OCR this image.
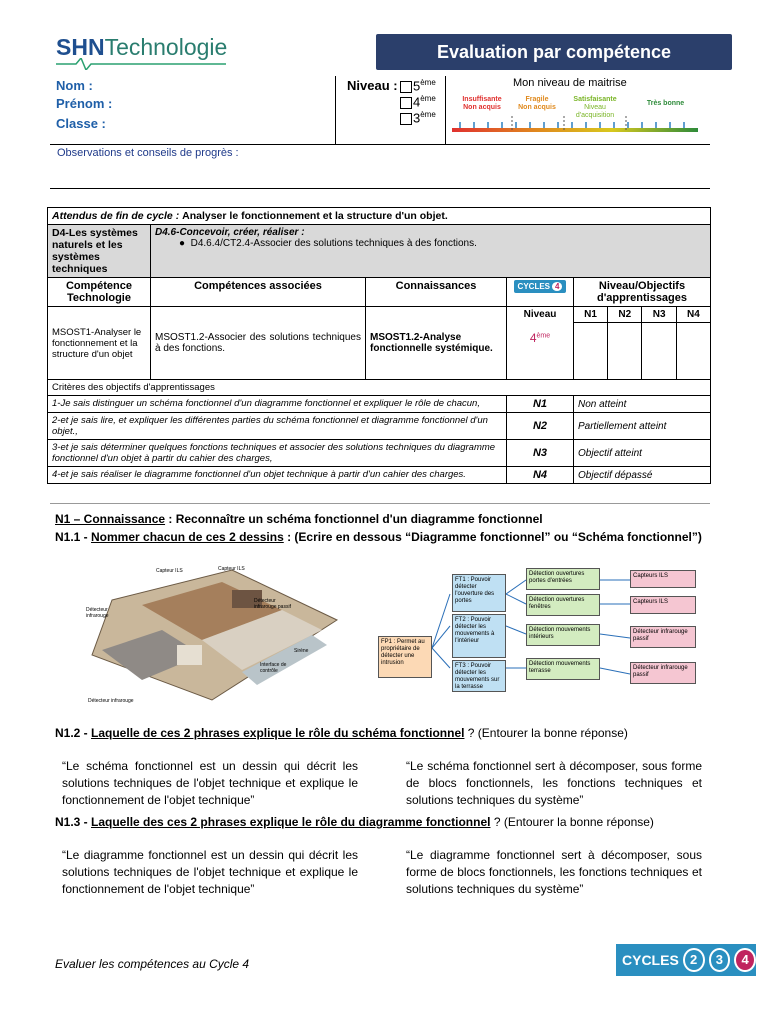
SHNTechnologie	Evaluation par compétence
Nom :
Prénom :
Classe :
Niveau :	5ème
4ème
3ème
Mon niveau de maitrise
Insuffisante
Non acquis
Fragile
Non acquis
Satisfaisante
Niveau d'acquisition
Très bonne
Observations et conseils de progrès :
Attendus de fin de cycle : Analyser le fonctionnement et la structure d'un objet.
D4-Les systèmes naturels et les systèmes techniques	D4.6-Concevoir, créer, réaliser :
●  D4.6.4/CT2.4-Associer des solutions techniques à des fonctions.
Compétence Technologie	Compétences associées	Connaissances	CYCLES 4	Niveau/Objectifs d'apprentissages
MSOST1-Analyser le fonctionnement et la structure d'un objet	MSOST1.2-Associer des solutions techniques à des fonctions.	MSOST1.2-Analyse fonctionnelle systémique.	Niveau

4ème	
N1	N2	N3	N4

Critères des objectifs d'apprentissages
1-Je sais distinguer un schéma fonctionnel d'un diagramme fonctionnel et expliquer le rôle de chacun,	N1	Non atteint
2-et je sais lire, et expliquer les différentes parties du schéma fonctionnel et diagramme fonctionnel d'un objet.,	N2	Partiellement atteint
3-et je sais déterminer quelques fonctions techniques et associer des solutions techniques du diagramme fonctionnel d'un objet à partir du cahier des charges,	N3	Objectif atteint
4-et je sais réaliser le diagramme fonctionnel d'un objet technique à partir d'un cahier des charges.	N4	Objectif dépassé
N1 – Connaissance : Reconnaître un schéma fonctionnel d'un diagramme fonctionnel
N1.1 - Nommer chacun de ces 2 dessins : (Ecrire en dessous “Diagramme fonctionnel” ou “Schéma fonctionnel”)
Capteur ILS	Capteur ILS
Détecteur infrarouge
Détecteur infrarouge passif
Interface de contrôle
Détecteur infrarouge
Sirène
FP1 : Permet au propriétaire de détecter une intrusion
FT1 : Pouvoir détecter l'ouverture des portes
FT2 : Pouvoir détecter les mouvements à l'intérieur
FT3 : Pouvoir détecter les mouvements sur la terrasse
Détection ouvertures portes d'entrées
Détection ouvertures fenêtres
Détection mouvements intérieurs
Détection mouvements terrasse
Capteurs ILS
Capteurs ILS
Détecteur infrarouge passif
Détecteur infrarouge passif
N1.2 - Laquelle de ces 2 phrases explique le rôle du schéma fonctionnel ? (Entourer la bonne réponse)
“Le schéma fonctionnel est un dessin qui décrit les solutions techniques de l'objet technique et explique le fonctionnement de l'objet technique”
“Le schéma fonctionnel sert à décomposer, sous forme de blocs fonctionnels, les fonctions techniques et solutions techniques du système”
N1.3 - Laquelle des ces 2 phrases explique le rôle du diagramme fonctionnel ? (Entourer la bonne réponse)
“Le diagramme fonctionnel est un dessin qui décrit les solutions techniques de l'objet technique et explique le fonctionnement de l'objet technique”
“Le diagramme fonctionnel sert à décomposer, sous forme de blocs fonctionnels, les fonctions techniques et solutions techniques du système”
Evaluer les compétences au Cycle 4	CYCLES 2	3	4
